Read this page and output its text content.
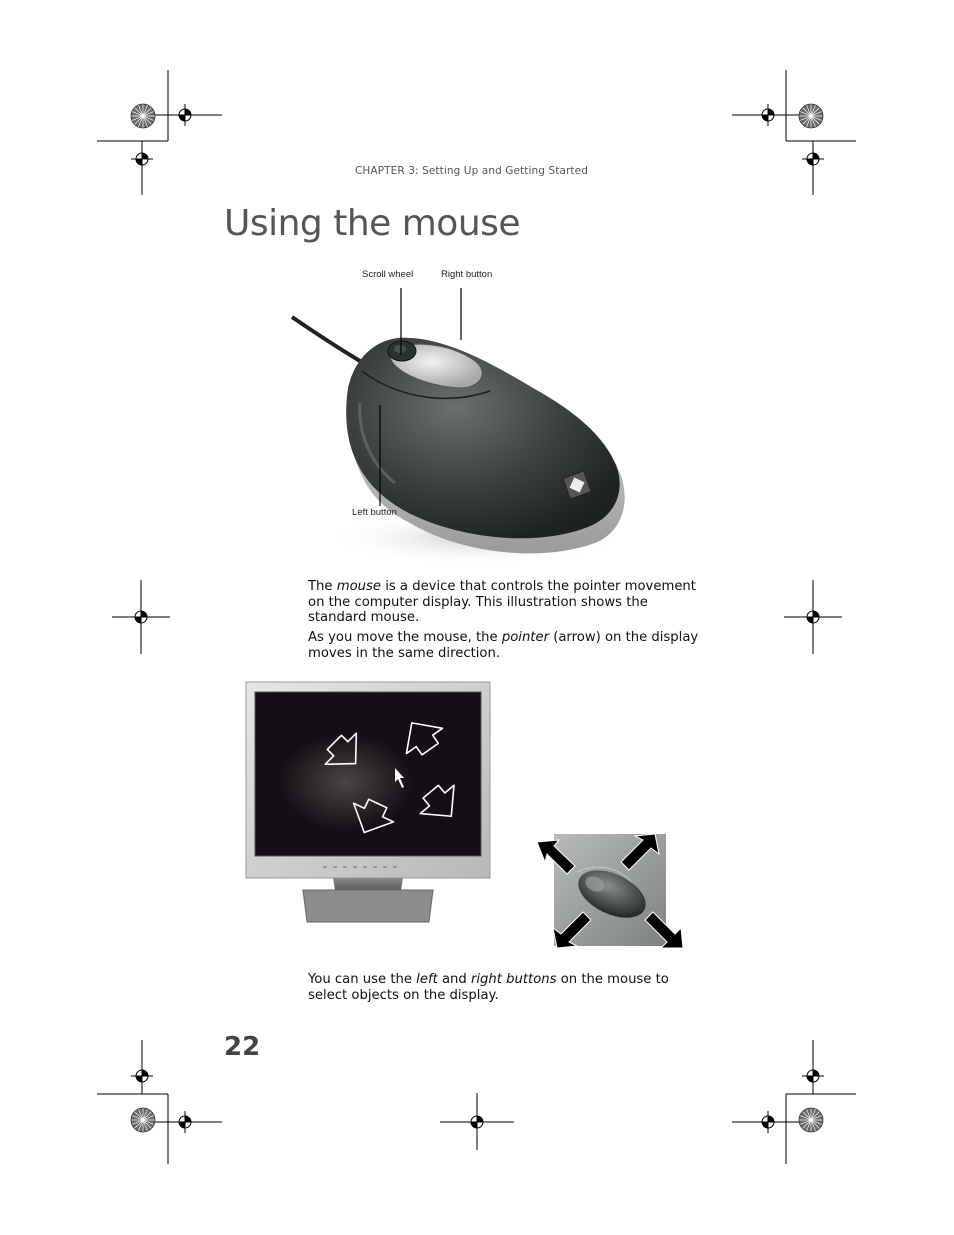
CHAPTER 3: Setting Up and Getting Started
Using the mouse
Scroll wheel	Right button
Left button

The mouse is a device that controls the pointer movement on the computer display. This illustration shows the standard mouse.

As you move the mouse, the pointer (arrow) on the display moves in the same direction.

You can use the left and right buttons on the mouse to select objects on the display.

22
